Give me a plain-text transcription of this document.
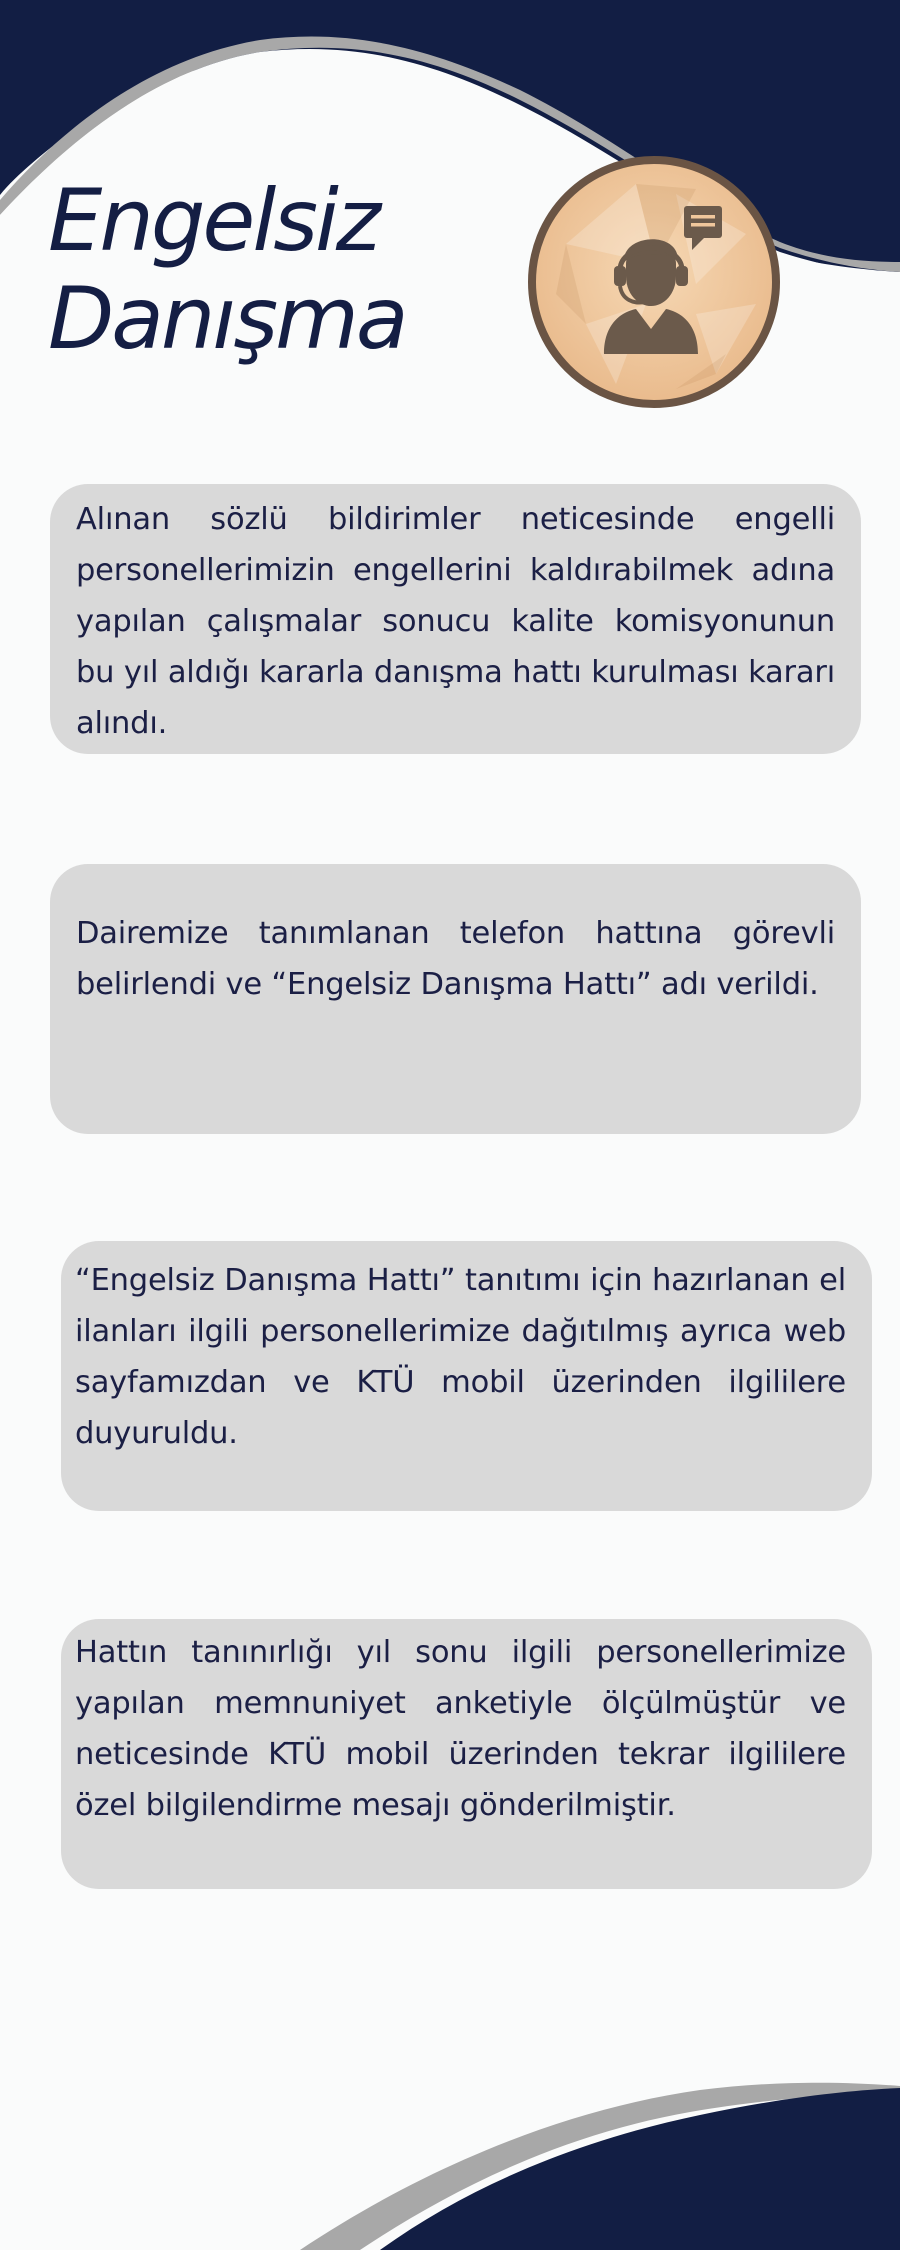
Engelsiz
Danışma

Alınan sözlü bildirimler neticesinde engelli personellerimizin engellerini kaldırabilmek adına yapılan çalışmalar sonucu kalite komisyonunun bu yıl aldığı kararla danışma hattı kurulması kararı alındı.

Dairemize tanımlanan telefon hattına görevli belirlendi ve “Engelsiz Danışma Hattı” adı verildi.

“Engelsiz Danışma Hattı” tanıtımı için hazırlanan el ilanları ilgili personellerimize dağıtılmış ayrıca web sayfamızdan ve KTÜ mobil üzerinden ilgililere duyuruldu.

Hattın tanınırlığı yıl sonu ilgili personellerimize yapılan memnuniyet anketiyle ölçülmüştür ve neticesinde KTÜ mobil üzerinden tekrar ilgililere özel bilgilendirme mesajı gönderilmiştir.
